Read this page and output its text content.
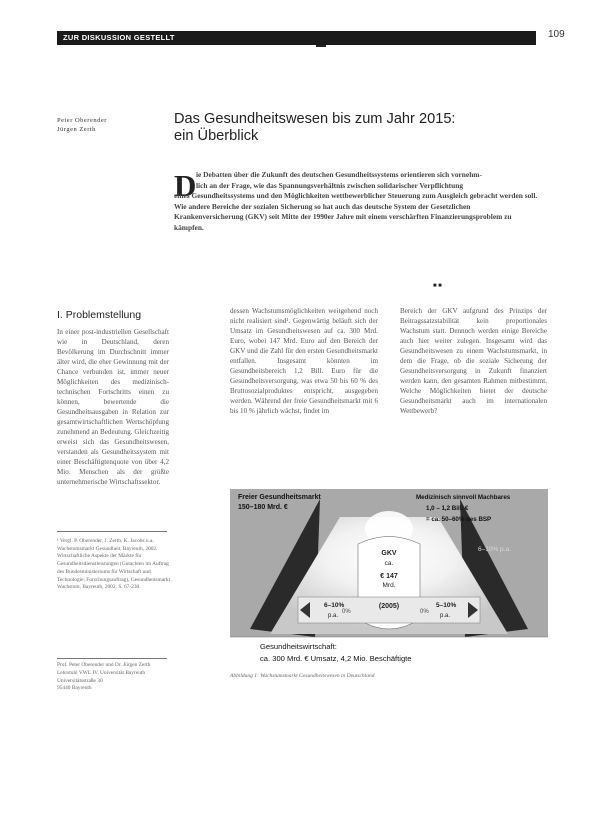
ZUR DISKUSSION GESTELLT	109
Peter Oberender
Jürgen Zerth
Das Gesundheitswesen bis zum Jahr 2015:
ein Überblick
D ie Debatten über die Zukunft des deutschen Gesundheitssystems orientieren sich vornehm-
lich an der Frage, wie das Spannungsverhältnis zwischen solidarischer Verpflichtung
eines Gesundheitssystems und den Möglichkeiten wettbewerblicher Steuerung zum Ausgleich gebracht werden soll. Wie andere Bereiche der sozialen Sicherung so hat auch das deutsche System der Gesetzlichen Krankenversicherung (GKV) seit Mitte der 1990er Jahre mit einem verschärften Finanzierungsproblem zu kämpfen.
■ ■
I. Problemstellung

In einer post-industriellen Gesellschaft wie in Deutschland, deren Bevölkerung im Durchschnitt immer älter wird, die eher Gewinnung mit der Chance verbunden ist, immer neuer Möglichkeiten des medizinisch-technischen Fortschritts einen zu können, bewertende die Gesundheitsausgaben in Relation zur gesamtwirtschaftlichen Wertschöpfung zunehmend an Bedeutung. Gleichzeitig erweist sich das Gesundheitswesen, verstanden als Gesundheitssystem mit einer Beschäftigtenquote von über 4,2 Mio. Menschen als der größte unternehmerische Wirtschaftssektor.

dessen Wachstumsmöglichkeiten weitgehend noch nicht realisiert sind¹. Gegenwärtig beläuft sich der Umsatz im Gesundheitswesen auf ca. 300 Mrd. Euro, wobei 147 Mrd. Euro auf den Bereich der GKV und die Zahl für den ersten Gesundheitsmarkt entfallen. Insgesamt könnten im Gesundheitsbereich 1,2 Bill. Euro für die Gesundheitsversorgung, was etwa 50 bis 60 % des Bruttosozialproduktes entspricht, ausgegeben werden. Während der freie Gesundheitsmarkt mit 6 bis 10 % jährlich wächst, findet im

Bereich der GKV aufgrund des Prinzips der Beitragssatzstabilität kein proportionales Wachstum statt. Dennoch werden einige Bereiche auch hier weiter zulegen. Insgesamt wird das Gesundheitswesen zu einem Wachstumsmarkt, in dem die Frage, ob die soziale Sicherung der Gesundheitsversorgung in Zukunft finanziert werden kann, den gesamten Rahmen mitbestimmt. Welche Möglichkeiten bietet der deutsche Gesundheitsmarkt auch im internationalen Wettbewerb?

¹ Vergl. P. Oberender, J. Zerth, K. Jacobs u.a. Wachstumsmarkt Gesundheit, Bayreuth, 2002. Wirtschaftliche Aspekte der Märkte für Gesundheitsdienstleistungen (Gutachten im Auftrag des Bundesministeriums für Wirtschaft und Technologie, Forschungsauftrag), Gesundheitsmarkt Wachstum, Bayreuth, 2002, S. 67-230.
Prof. Peter Oberender und Dr. Jürgen Zerth
Lehrstuhl VWL IV, Universität Bayreuth
Universitätsstraße 30
95440 Bayreuth
Freier Gesundheitsmarkt
150–180 Mrd. €
Medizinisch sinnvoll Machbares
1,0 – 1,2 Bill. €
= ca. 50–60% des BSP
6–10% p.a.
GKV
ca.
€ 147
Mrd.
(2005)
6–10%
p.a.
0%	0%
5–10%
p.a.
Gesundheitswirtschaft:
ca. 300 Mrd. € Umsatz, 4,2 Mio. Beschäftigte
Abbildung 1: Wachstumsmarkt Gesundheitswesen in Deutschland
